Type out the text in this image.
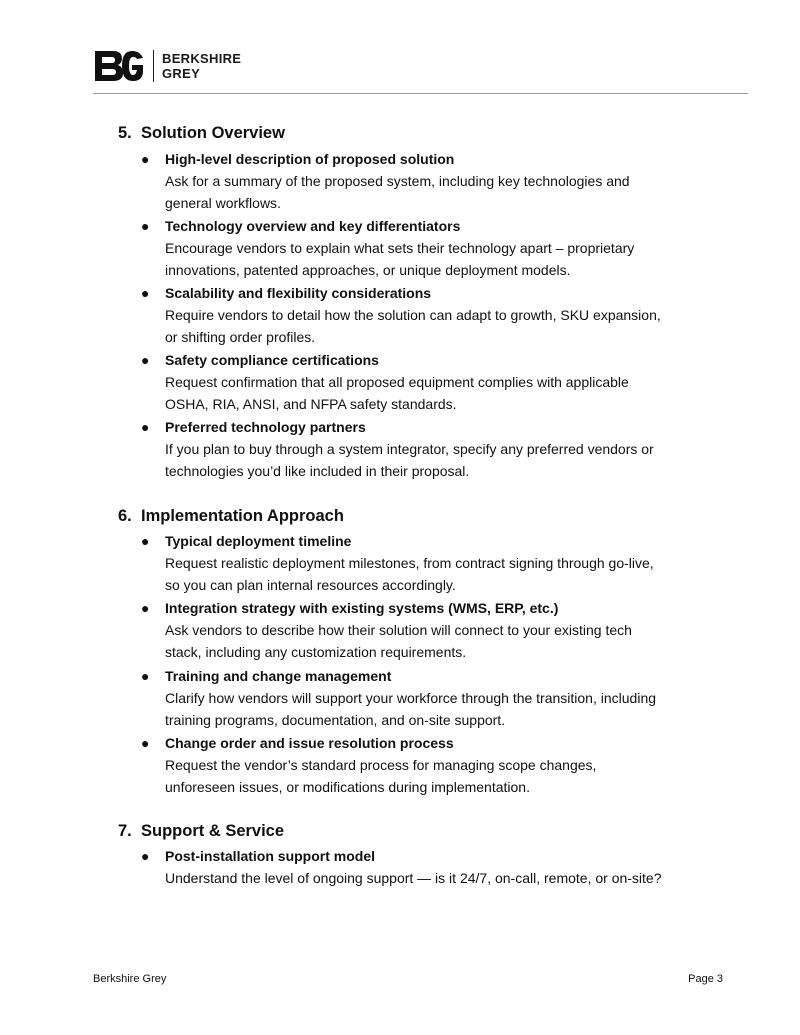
BERKSHIRE
GREY
5. Solution Overview
● High-level description of proposed solution
Ask for a summary of the proposed system, including key technologies and
general workflows.
● Technology overview and key differentiators
Encourage vendors to explain what sets their technology apart – proprietary
innovations, patented approaches, or unique deployment models.
● Scalability and flexibility considerations
Require vendors to detail how the solution can adapt to growth, SKU expansion,
or shifting order profiles.
● Safety compliance certifications
Request confirmation that all proposed equipment complies with applicable
OSHA, RIA, ANSI, and NFPA safety standards.
● Preferred technology partners
If you plan to buy through a system integrator, specify any preferred vendors or
technologies you’d like included in their proposal.
6. Implementation Approach
● Typical deployment timeline
Request realistic deployment milestones, from contract signing through go-live,
so you can plan internal resources accordingly.
● Integration strategy with existing systems (WMS, ERP, etc.)
Ask vendors to describe how their solution will connect to your existing tech
stack, including any customization requirements.
● Training and change management
Clarify how vendors will support your workforce through the transition, including
training programs, documentation, and on-site support.
● Change order and issue resolution process
Request the vendor’s standard process for managing scope changes,
unforeseen issues, or modifications during implementation.
7. Support & Service
● Post-installation support model
Understand the level of ongoing support — is it 24/7, on-call, remote, or on-site?
Berkshire Grey	Page 3
